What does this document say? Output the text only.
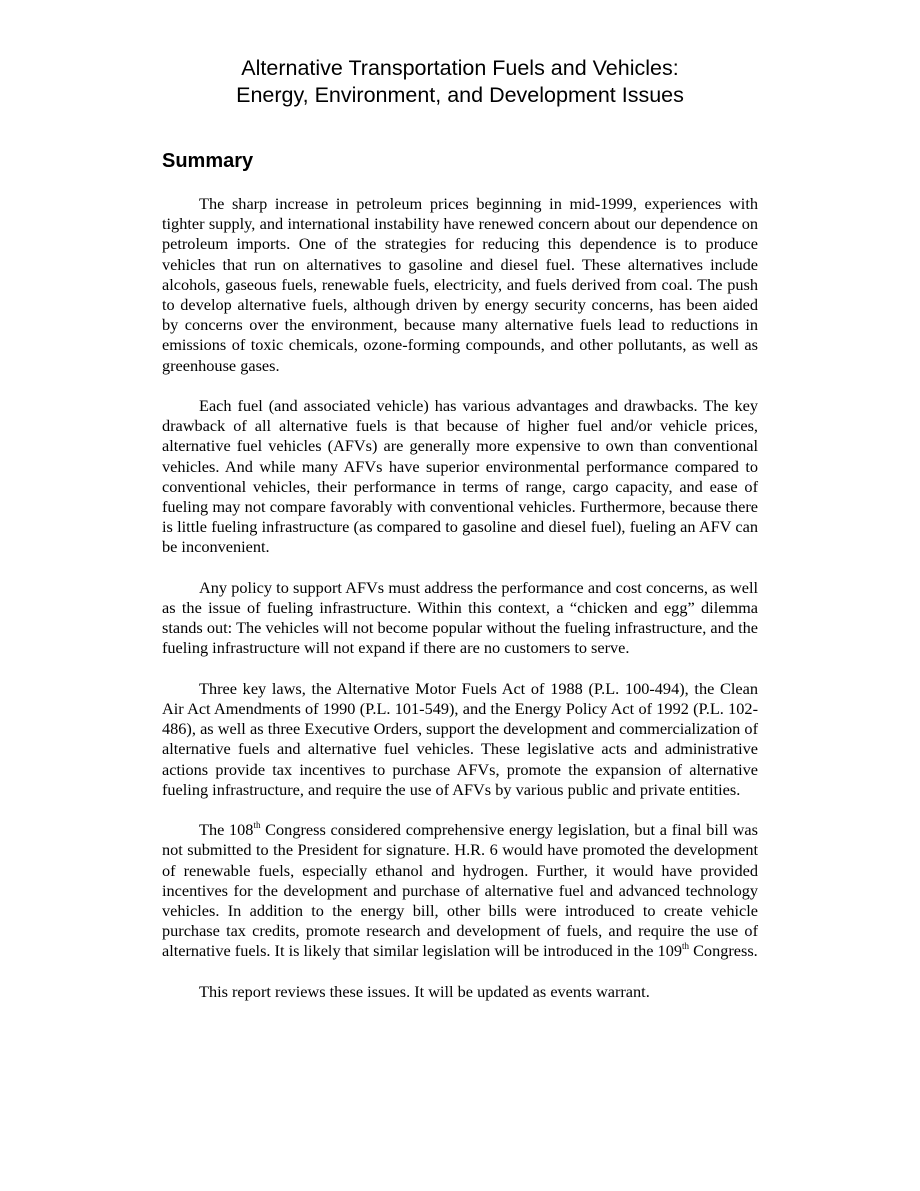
Alternative Transportation Fuels and Vehicles:
Energy, Environment, and Development Issues
Summary

The sharp increase in petroleum prices beginning in mid-1999, experiences with tighter supply, and international instability have renewed concern about our dependence on petroleum imports. One of the strategies for reducing this dependence is to produce vehicles that run on alternatives to gasoline and diesel fuel. These alternatives include alcohols, gaseous fuels, renewable fuels, electricity, and fuels derived from coal. The push to develop alternative fuels, although driven by energy security concerns, has been aided by concerns over the environment, because many alternative fuels lead to reductions in emissions of toxic chemicals, ozone-forming compounds, and other pollutants, as well as greenhouse gases.

Each fuel (and associated vehicle) has various advantages and drawbacks. The key drawback of all alternative fuels is that because of higher fuel and/or vehicle prices, alternative fuel vehicles (AFVs) are generally more expensive to own than conventional vehicles. And while many AFVs have superior environmental performance compared to conventional vehicles, their performance in terms of range, cargo capacity, and ease of fueling may not compare favorably with conventional vehicles. Furthermore, because there is little fueling infrastructure (as compared to gasoline and diesel fuel), fueling an AFV can be inconvenient.

Any policy to support AFVs must address the performance and cost concerns, as well as the issue of fueling infrastructure. Within this context, a “chicken and egg” dilemma stands out: The vehicles will not become popular without the fueling infrastructure, and the fueling infrastructure will not expand if there are no customers to serve.

Three key laws, the Alternative Motor Fuels Act of 1988 (P.L. 100-494), the Clean Air Act Amendments of 1990 (P.L. 101-549), and the Energy Policy Act of 1992 (P.L. 102-486), as well as three Executive Orders, support the development and commercialization of alternative fuels and alternative fuel vehicles. These legislative acts and administrative actions provide tax incentives to purchase AFVs, promote the expansion of alternative fueling infrastructure, and require the use of AFVs by various public and private entities.

The 108th Congress considered comprehensive energy legislation, but a final bill was not submitted to the President for signature. H.R. 6 would have promoted the development of renewable fuels, especially ethanol and hydrogen. Further, it would have provided incentives for the development and purchase of alternative fuel and advanced technology vehicles. In addition to the energy bill, other bills were introduced to create vehicle purchase tax credits, promote research and development of fuels, and require the use of alternative fuels. It is likely that similar legislation will be introduced in the 109th Congress.

This report reviews these issues. It will be updated as events warrant.
